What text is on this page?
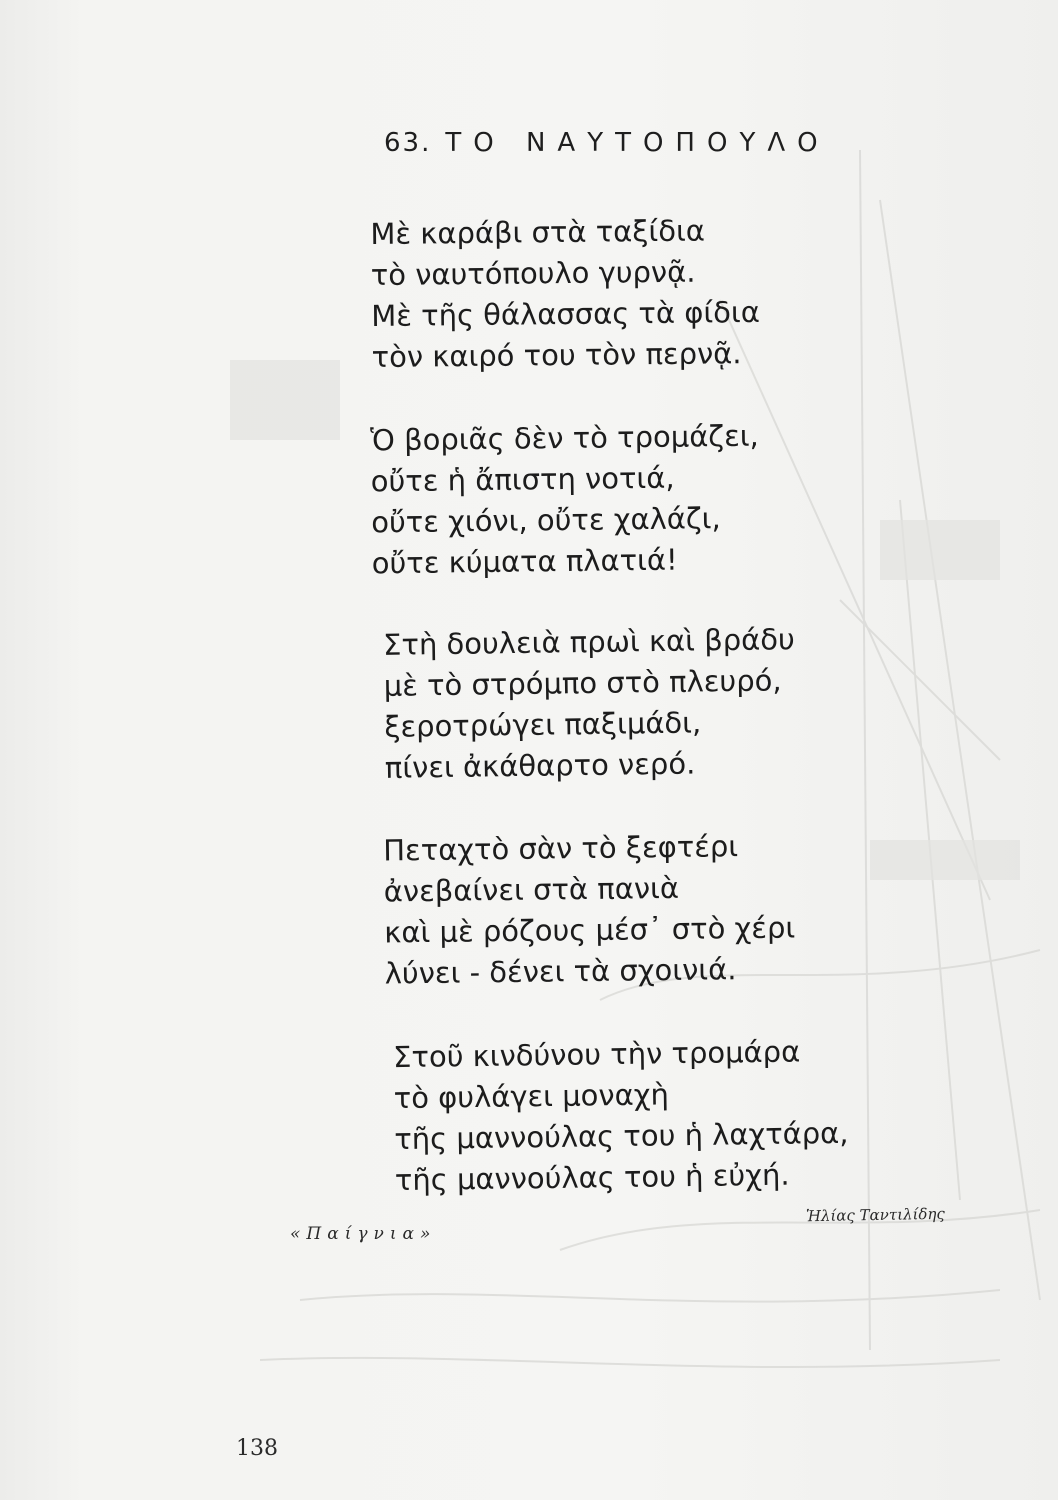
63. ΤΟ ΝΑΥΤΟΠΟΥΛΟ
Μὲ καράβι στὰ ταξίδια
τὸ ναυτόπουλο γυρνᾷ.
Μὲ τῆς θάλασσας τὰ φίδια
τὸν καιρό του τὸν περνᾷ.
Ὁ βοριᾶς δὲν τὸ τρομάζει,
οὔτε ἡ ἄπιστη νοτιά,
οὔτε χιόνι, οὔτε χαλάζι,
οὔτε κύματα πλατιά!
Στὴ δουλειὰ πρωὶ καὶ βράδυ
μὲ τὸ στρόμπο στὸ πλευρό,
ξεροτρώγει παξιμάδι,
πίνει ἀκάθαρτο νερό.
Πεταχτὸ σὰν τὸ ξεφτέρι
ἀνεβαίνει στὰ πανιὰ
καὶ μὲ ρόζους μέσ᾽ στὸ χέρι
λύνει - δένει τὰ σχοινιά.
Στοῦ κινδύνου τὴν τρομάρα
τὸ φυλάγει μοναχὴ
τῆς μαννούλας του ἡ λαχτάρα,
τῆς μαννούλας του ἡ εὐχή.
«Παίγνια»
Ἡλίας Ταντιλίδης
138
